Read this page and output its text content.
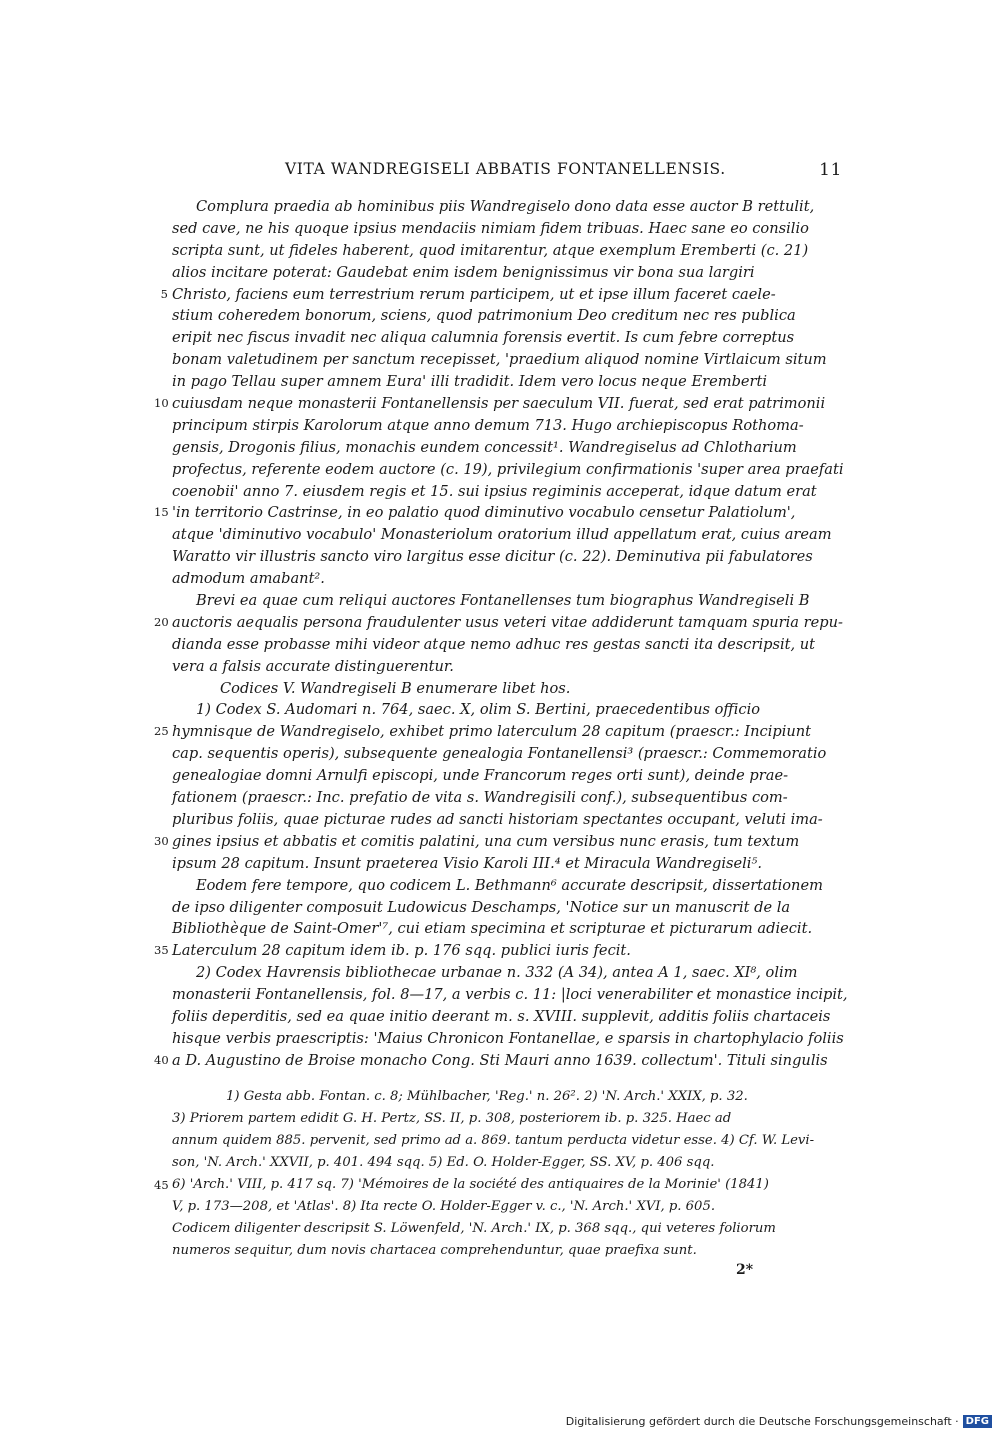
VITA WANDREGISELI ABBATIS FONTANELLENSIS.	11
Complura praedia ab hominibus piis Wandregiselo dono data esse auctor B rettulit,
sed cave, ne his quoque ipsius mendaciis nimiam fidem tribuas. Haec sane eo consilio
scripta sunt, ut fideles haberent, quod imitarentur, atque exemplum Eremberti (c. 21)
alios incitare poterat: Gaudebat enim isdem benignissimus vir bona sua largiri
5 Christo, faciens eum terrestrium rerum participem, ut et ipse illum faceret caele-
stium coheredem bonorum, sciens, quod patrimonium Deo creditum nec res publica
eripit nec fiscus invadit nec aliqua calumnia forensis evertit. Is cum febre correptus
bonam valetudinem per sanctum recepisset, 'praedium aliquod nomine Virtlaicum situm
in pago Tellau super amnem Eura' illi tradidit. Idem vero locus neque Eremberti
10 cuiusdam neque monasterii Fontanellensis per saeculum VII. fuerat, sed erat patrimonii
principum stirpis Karolorum atque anno demum 713. Hugo archiepiscopus Rothoma-
gensis, Drogonis filius, monachis eundem concessit¹. Wandregiselus ad Chlotharium
profectus, referente eodem auctore (c. 19), privilegium confirmationis 'super area praefati
coenobii' anno 7. eiusdem regis et 15. sui ipsius regiminis acceperat, idque datum erat
15 'in territorio Castrinse, in eo palatio quod diminutivo vocabulo censetur Palatiolum',
atque 'diminutivo vocabulo' Monasteriolum oratorium illud appellatum erat, cuius aream
Waratto vir illustris sancto viro largitus esse dicitur (c. 22). Deminutiva pii fabulatores
admodum amabant².
Brevi ea quae cum reliqui auctores Fontanellenses tum biographus Wandregiseli B
20 auctoris aequalis persona fraudulenter usus veteri vitae addiderunt tamquam spuria repu-
dianda esse probasse mihi videor atque nemo adhuc res gestas sancti ita descripsit, ut
vera a falsis accurate distinguerentur.
Codices V. Wandregiseli B enumerare libet hos.
1) Codex S. Audomari n. 764, saec. X, olim S. Bertini, praecedentibus officio
25 hymnisque de Wandregiselo, exhibet primo laterculum 28 capitum (praescr.: Incipiunt
cap. sequentis operis), subsequente genealogia Fontanellensi³ (praescr.: Commemoratio
genealogiae domni Arnulfi episcopi, unde Francorum reges orti sunt), deinde prae-
fationem (praescr.: Inc. prefatio de vita s. Wandregisili conf.), subsequentibus com-
pluribus foliis, quae picturae rudes ad sancti historiam spectantes occupant, veluti ima-
30 gines ipsius et abbatis et comitis palatini, una cum versibus nunc erasis, tum textum
ipsum 28 capitum. Insunt praeterea Visio Karoli III.⁴ et Miracula Wandregiseli⁵.
Eodem fere tempore, quo codicem L. Bethmann⁶ accurate descripsit, dissertationem
de ipso diligenter composuit Ludowicus Deschamps, 'Notice sur un manuscrit de la
Bibliothèque de Saint-Omer'⁷, cui etiam specimina et scripturae et picturarum adiecit.
35 Laterculum 28 capitum idem ib. p. 176 sqq. publici iuris fecit.
2) Codex Havrensis bibliothecae urbanae n. 332 (A 34), antea A 1, saec. XI⁸, olim
monasterii Fontanellensis, fol. 8—17, a verbis c. 11: |loci venerabiliter et monastice incipit,
foliis deperditis, sed ea quae initio deerant m. s. XVIII. supplevit, additis foliis chartaceis
hisque verbis praescriptis: 'Maius Chronicon Fontanellae, e sparsis in chartophylacio foliis
40 a D. Augustino de Broise monacho Cong. Sti Mauri anno 1639. collectum'. Tituli singulis
1) Gesta abb. Fontan. c. 8; Mühlbacher, 'Reg.' n. 26². 2) 'N. Arch.' XXIX, p. 32.
3) Priorem partem edidit G. H. Pertz, SS. II, p. 308, posteriorem ib. p. 325. Haec ad
annum quidem 885. pervenit, sed primo ad a. 869. tantum perducta videtur esse. 4) Cf. W. Levi-
son, 'N. Arch.' XXVII, p. 401. 494 sqq. 5) Ed. O. Holder-Egger, SS. XV, p. 406 sqq.
45 6) 'Arch.' VIII, p. 417 sq. 7) 'Mémoires de la société des antiquaires de la Morinie' (1841)
V, p. 173—208, et 'Atlas'. 8) Ita recte O. Holder-Egger v. c., 'N. Arch.' XVI, p. 605.
Codicem diligenter descripsit S. Löwenfeld, 'N. Arch.' IX, p. 368 sqq., qui veteres foliorum
numeros sequitur, dum novis chartacea comprehenduntur, quae praefixa sunt.
2*
Digitalisierung gefördert durch die Deutsche Forschungsgemeinschaft · DFG
